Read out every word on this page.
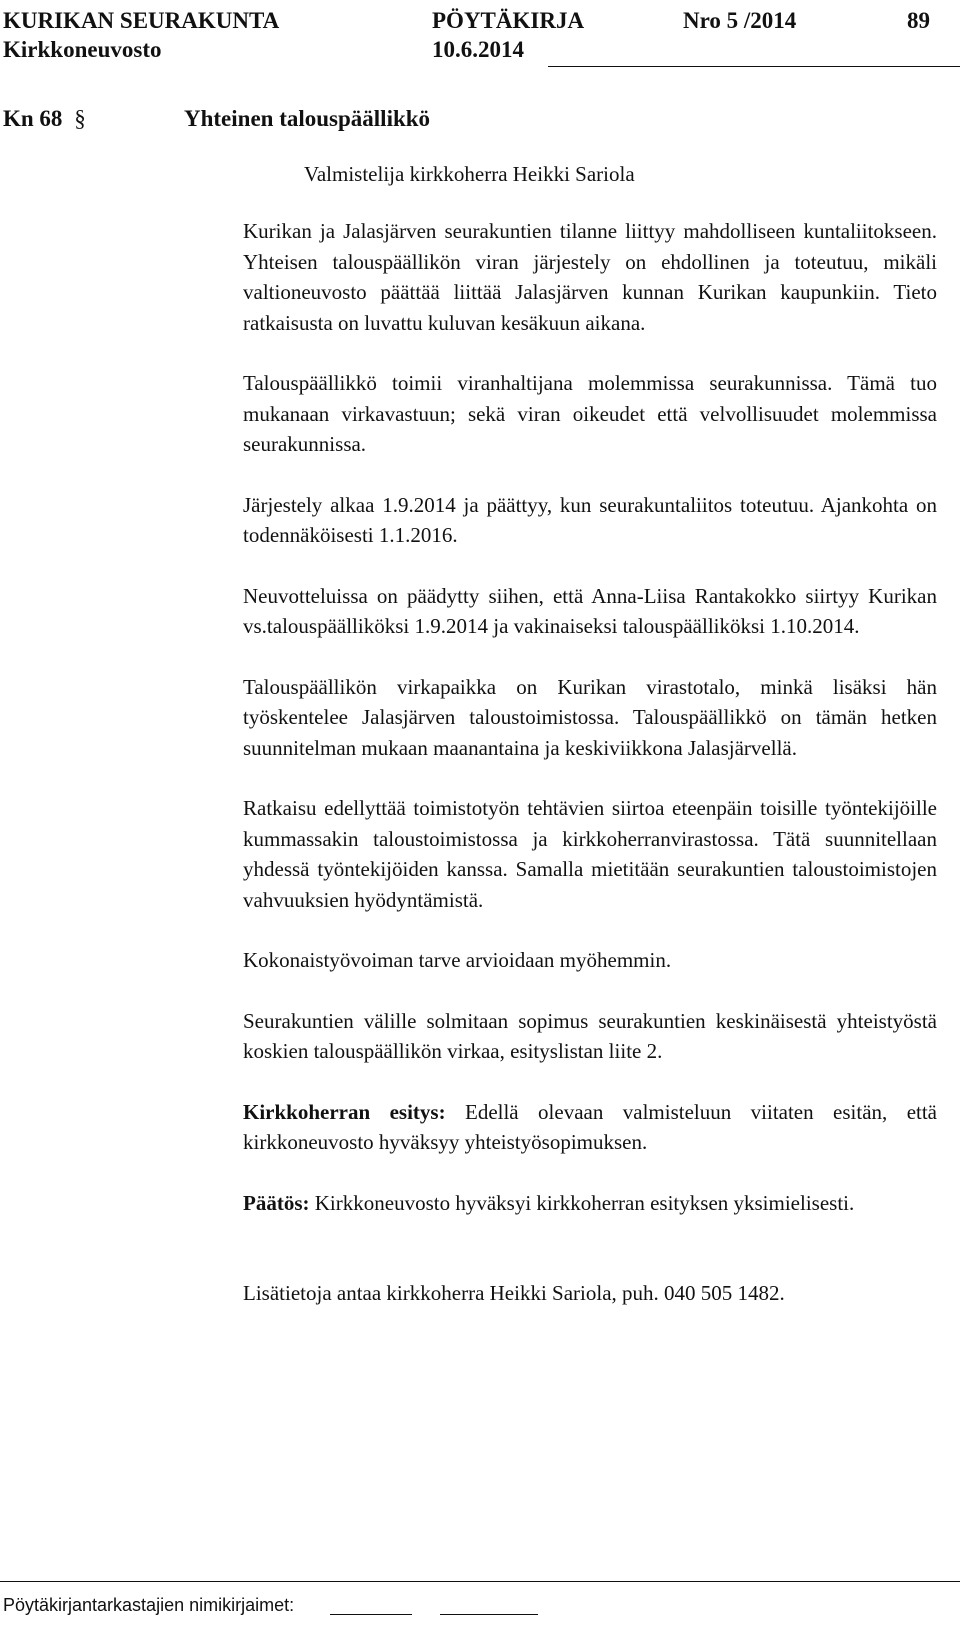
KURIKAN SEURAKUNTA	PÖYTÄKIRJA	Nro 5 /2014	89
Kirkkoneuvosto	10.6.2014
Kn 68 §	Yhteinen talouspäällikkö
Valmistelija kirkkoherra Heikki Sariola

Kurikan ja Jalasjärven seurakuntien tilanne liittyy mahdolliseen kuntaliitokseen. Yhteisen talouspäällikön viran järjestely on ehdollinen ja toteutuu, mikäli valtioneuvosto päättää liittää Jalasjärven kunnan Kurikan kaupunkiin. Tieto ratkaisusta on luvattu kuluvan kesäkuun aikana.

Talouspäällikkö toimii viranhaltijana molemmissa seurakunnissa. Tämä tuo mukanaan virkavastuun; sekä viran oikeudet että velvollisuudet molemmissa seurakunnissa.

Järjestely alkaa 1.9.2014 ja päättyy, kun seurakuntaliitos toteutuu. Ajankohta on todennäköisesti 1.1.2016.

Neuvotteluissa on päädytty siihen, että Anna-Liisa Rantakokko siirtyy Kurikan vs.talouspäälliköksi 1.9.2014 ja vakinaiseksi talouspäälliköksi 1.10.2014.

Talouspäällikön virkapaikka on Kurikan virastotalo, minkä lisäksi hän työskentelee Jalasjärven taloustoimistossa. Talouspäällikkö on tämän hetken suunnitelman mukaan maanantaina ja keskiviikkona Jalasjärvellä.

Ratkaisu edellyttää toimistotyön tehtävien siirtoa eteenpäin toisille työntekijöille kummassakin taloustoimistossa ja kirkkoherranvirastossa. Tätä suunnitellaan yhdessä työntekijöiden kanssa. Samalla mietitään seurakuntien taloustoimistojen vahvuuksien hyödyntämistä.

Kokonaistyövoiman tarve arvioidaan myöhemmin.

Seurakuntien välille solmitaan sopimus seurakuntien keskinäisestä yhteistyöstä koskien talouspäällikön virkaa, esityslistan liite 2.

Kirkkoherran esitys: Edellä olevaan valmisteluun viitaten esitän, että kirkkoneuvosto hyväksyy yhteistyösopimuksen.

Päätös: Kirkkoneuvosto hyväksyi kirkkoherran esityksen yksimielisesti.

Lisätietoja antaa kirkkoherra Heikki Sariola, puh. 040 505 1482.

Pöytäkirjantarkastajien nimikirjaimet:
